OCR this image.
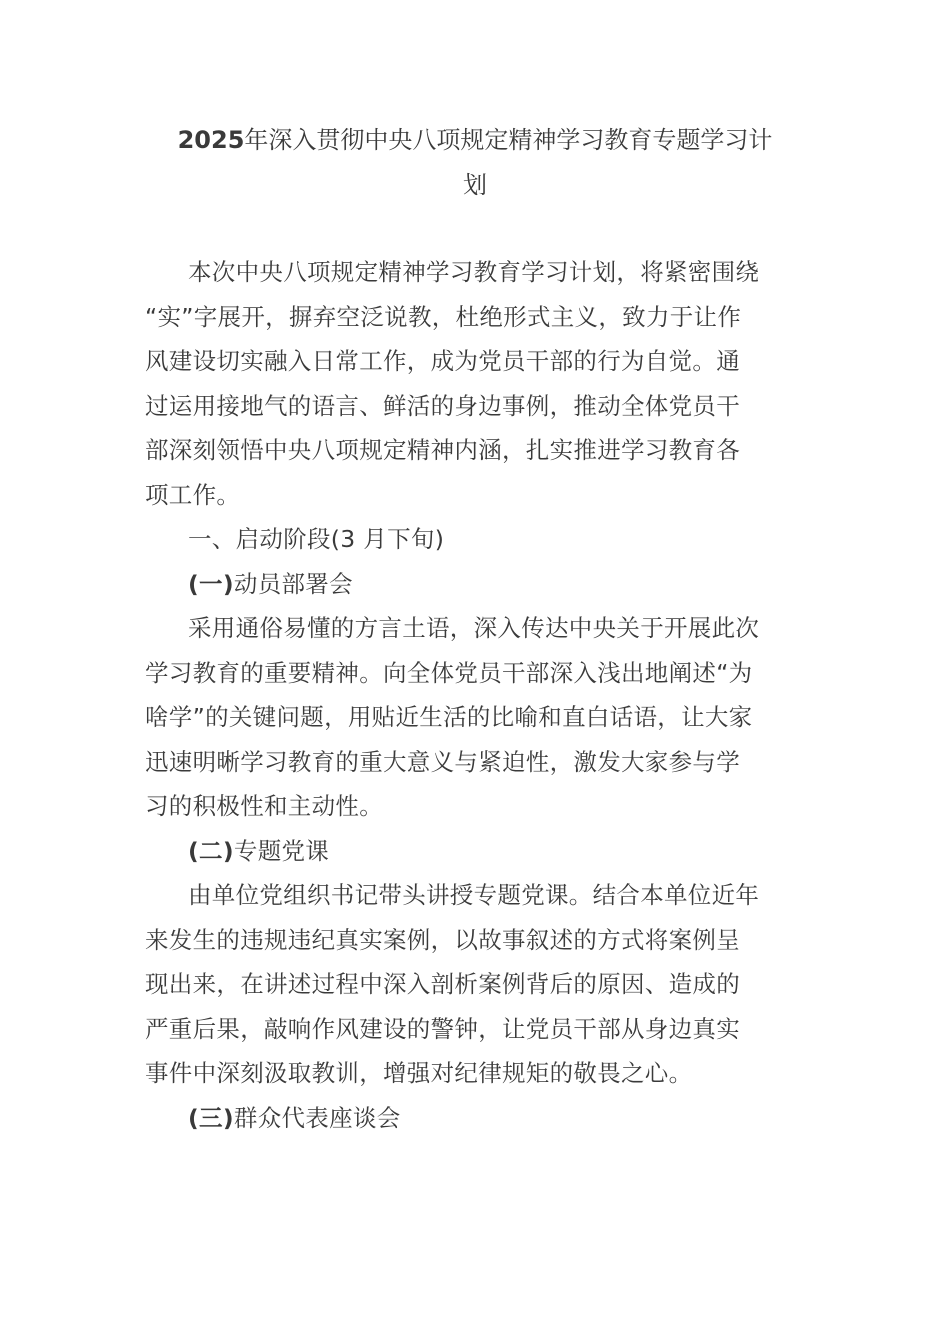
2025年深入贯彻中央八项规定精神学习教育专题学习计
划
本次中央八项规定精神学习教育学习计划，将紧密围绕
“实”字展开，摒弃空泛说教，杜绝形式主义，致力于让作
风建设切实融入日常工作，成为党员干部的行为自觉。通
过运用接地气的语言、鲜活的身边事例，推动全体党员干
部深刻领悟中央八项规定精神内涵，扎实推进学习教育各
项工作。
一、启动阶段(3 月下旬)
(一)动员部署会
采用通俗易懂的方言土语，深入传达中央关于开展此次
学习教育的重要精神。向全体党员干部深入浅出地阐述“为
啥学”的关键问题，用贴近生活的比喻和直白话语，让大家
迅速明晰学习教育的重大意义与紧迫性，激发大家参与学
习的积极性和主动性。
(二)专题党课
由单位党组织书记带头讲授专题党课。结合本单位近年
来发生的违规违纪真实案例，以故事叙述的方式将案例呈
现出来，在讲述过程中深入剖析案例背后的原因、造成的
严重后果，敲响作风建设的警钟，让党员干部从身边真实
事件中深刻汲取教训，增强对纪律规矩的敬畏之心。
(三)群众代表座谈会
